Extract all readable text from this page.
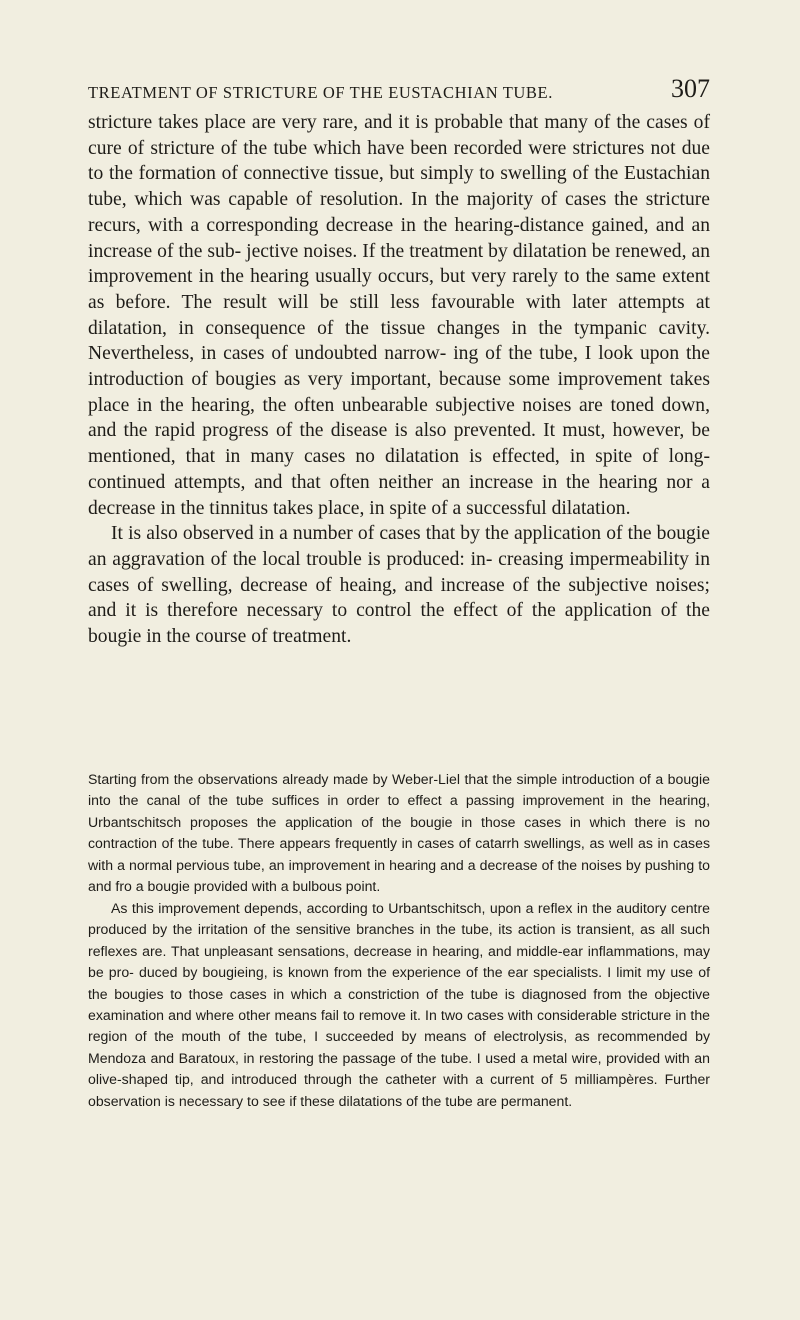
TREATMENT OF STRICTURE OF THE EUSTACHIAN TUBE.	307

stricture takes place are very rare, and it is probable that many of the cases of cure of stricture of the tube which have been recorded were strictures not due to the formation of connective tissue, but simply to swelling of the Eustachian tube, which was capable of resolution. In the majority of cases the stricture recurs, with a corresponding decrease in the hearing-distance gained, and an increase of the sub- jective noises. If the treatment by dilatation be renewed, an improvement in the hearing usually occurs, but very rarely to the same extent as before. The result will be still less favourable with later attempts at dilatation, in consequence of the tissue changes in the tympanic cavity. Nevertheless, in cases of undoubted narrow- ing of the tube, I look upon the introduction of bougies as very important, because some improvement takes place in the hearing, the often unbearable subjective noises are toned down, and the rapid progress of the disease is also prevented. It must, however, be mentioned, that in many cases no dilatation is effected, in spite of long-continued attempts, and that often neither an increase in the hearing nor a decrease in the tinnitus takes place, in spite of a successful dilatation.

It is also observed in a number of cases that by the application of the bougie an aggravation of the local trouble is produced: in- creasing impermeability in cases of swelling, decrease of heaing, and increase of the subjective noises; and it is therefore necessary to control the effect of the application of the bougie in the course of treatment.

Starting from the observations already made by Weber-Liel that the simple introduction of a bougie into the canal of the tube suffices in order to effect a passing improvement in the hearing, Urbantschitsch proposes the application of the bougie in those cases in which there is no contraction of the tube. There appears frequently in cases of catarrh swellings, as well as in cases with a normal pervious tube, an improvement in hearing and a decrease of the noises by pushing to and fro a bougie provided with a bulbous point.

As this improvement depends, according to Urbantschitsch, upon a reflex in the auditory centre produced by the irritation of the sensitive branches in the tube, its action is transient, as all such reflexes are. That unpleasant sensations, decrease in hearing, and middle-ear inflammations, may be pro- duced by bougieing, is known from the experience of the ear specialists. I limit my use of the bougies to those cases in which a constriction of the tube is diagnosed from the objective examination and where other means fail to remove it. In two cases with considerable stricture in the region of the mouth of the tube, I succeeded by means of electrolysis, as recommended by Mendoza and Baratoux, in restoring the passage of the tube. I used a metal wire, provided with an olive-shaped tip, and introduced through the catheter with a current of 5 milliampères. Further observation is necessary to see if these dilatations of the tube are permanent.
